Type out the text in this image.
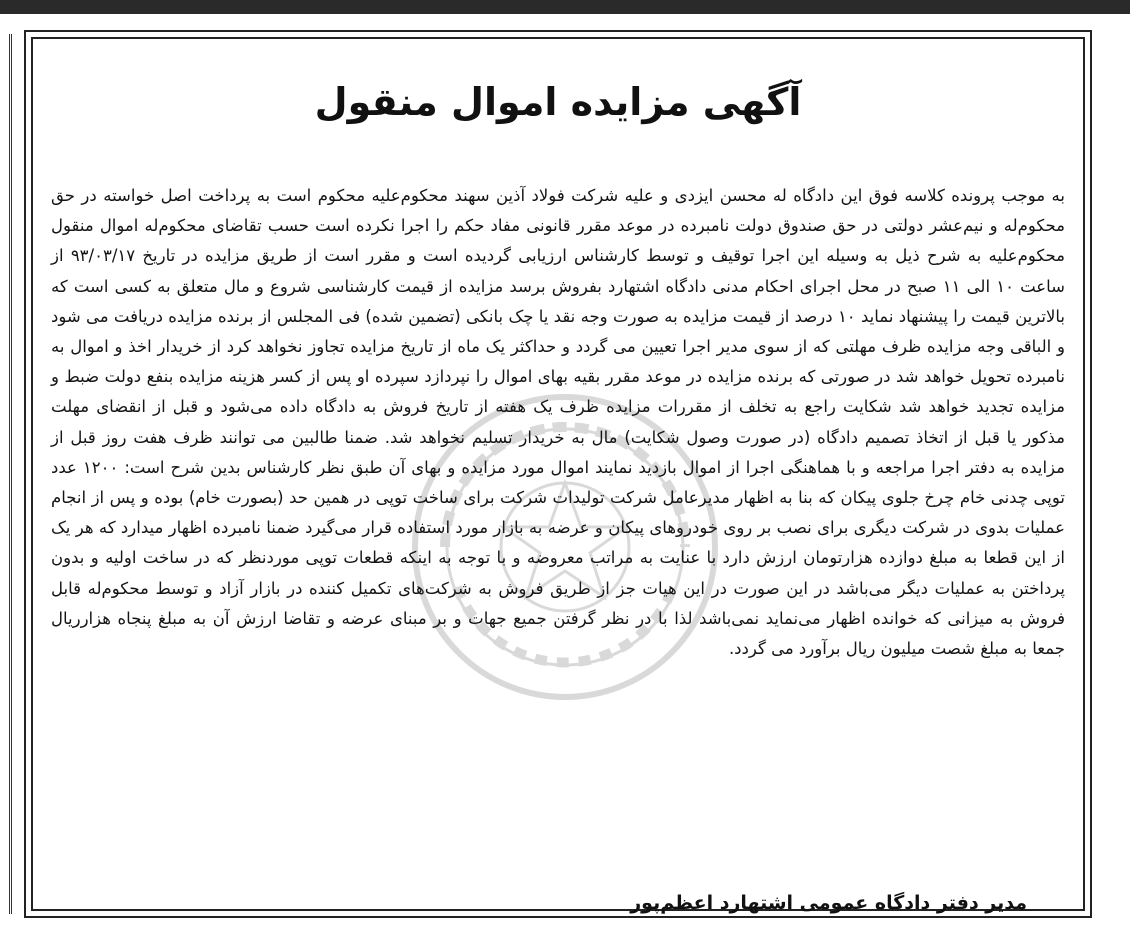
آگهی مزایده اموال منقول
به موجب پرونده کلاسه فوق این دادگاه له محسن ایزدی و علیه شرکت فولاد آذین سهند محکوم‌علیه محکوم است به پرداخت اصل خواسته در حق محکوم‌له و نیم‌عشر دولتی در حق صندوق دولت نامبرده در موعد مقرر قانونی مفاد حکم را اجرا نکرده است حسب تقاضای محکوم‌له اموال منقول محکوم‌علیه به شرح ذیل به وسیله این اجرا توقیف و توسط کارشناس ارزیابی گردیده است و مقرر است از طریق مزایده در تاریخ ۹۳/۰۳/۱۷ از ساعت ۱۰ الی ۱۱ صبح در محل اجرای احکام مدنی دادگاه اشتهارد بفروش برسد مزایده از قیمت کارشناسی شروع و مال متعلق به کسی است که بالاترین قیمت را پیشنهاد نماید ۱۰ درصد از قیمت مزایده به صورت وجه نقد یا چک بانکی (تضمین شده) فی المجلس از برنده مزایده دریافت می شود و الباقی وجه مزایده ظرف مهلتی که از سوی مدیر اجرا تعیین می گردد و حداکثر یک ماه از تاریخ مزایده تجاوز نخواهد کرد از خریدار اخذ و اموال به نامبرده تحویل خواهد شد در صورتی که برنده مزایده در موعد مقرر بقیه بهای اموال را نپردازد سپرده او پس از کسر هزینه مزایده بنفع دولت ضبط و مزایده تجدید خواهد شد شکایت راجع به تخلف از مقررات مزایده ظرف یک هفته از تاریخ فروش به دادگاه داده می‌شود و قبل از انقضای مهلت مذکور یا قبل از اتخاذ تصمیم دادگاه (در صورت وصول شکایت) مال به خریدار تسلیم نخواهد شد. ضمنا طالبین می توانند ظرف هفت روز قبل از مزایده به دفتر اجرا مراجعه و با هماهنگی اجرا از اموال بازدید نمایند اموال مورد مزایده و بهای آن طبق نظر کارشناس بدین شرح است: ۱۲۰۰ عدد توپی چدنی خام چرخ جلوی پیکان که بنا به اظهار مدیرعامل شرکت تولیدات شرکت برای ساخت توپی در همین حد (بصورت خام) بوده و پس از انجام عملیات بدوی در شرکت دیگری برای نصب بر روی خودروهای پیکان و عرضه به بازار مورد استفاده قرار می‌گیرد ضمنا نامبرده اظهار میدارد که هر یک از این قطعا به مبلغ دوازده هزارتومان ارزش دارد با عنایت به مراتب معروضه و با توجه به اینکه قطعات توپی موردنظر که در ساخت اولیه و بدون پرداختن به عملیات دیگر می‌باشد در این صورت در این هیات جز از طریق فروش به شرکت‌های تکمیل کننده در بازار آزاد و توسط محکوم‌له قابل فروش به میزانی که خوانده اظهار می‌نماید نمی‌باشد لذا با در نظر گرفتن جمیع جهات و بر مبنای عرضه و تقاضا ارزش آن به مبلغ پنجاه هزارریال جمعا به مبلغ شصت میلیون ریال برآورد می گردد.
مدیر دفتر دادگاه عمومی اشتهارد اعظم‌پور
